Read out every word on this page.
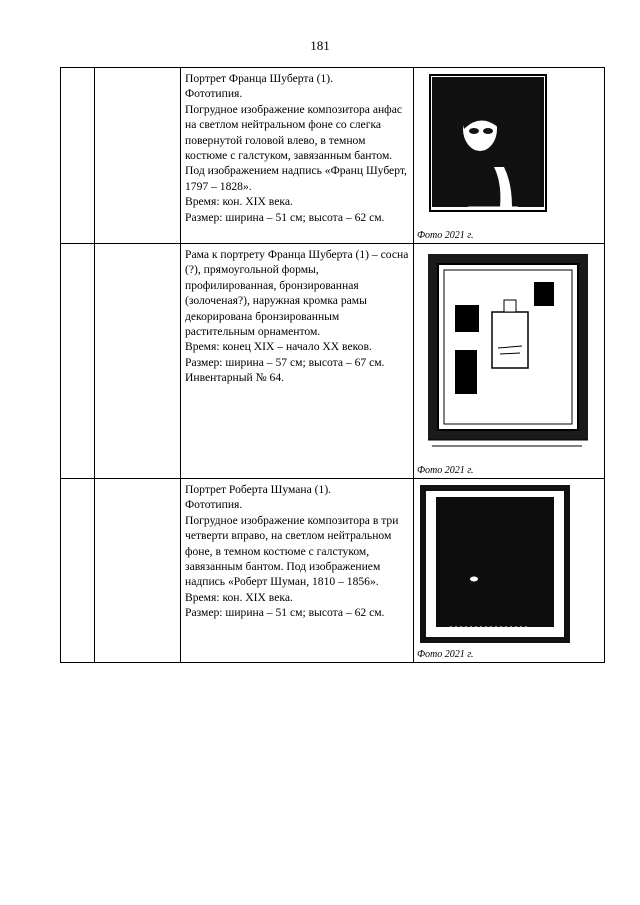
181

		Портрет Франца Шуберта (1).
Фототипия.
Погрудное изображение композитора анфас на светлом нейтральном фоне со слегка повернутой головой влево, в темном костюме с галстуком, завязанным бантом. Под изображением надпись «Франц Шуберт, 1797 – 1828».
Время: кон. XIX века.
Размер: ширина – 51 см; высота – 62 см.	Фото 2021 г.

		Рама к портрету Франца Шуберта (1) – сосна (?), прямоугольной формы, профилированная, бронзированная (золоченая?), наружная кромка рамы декорирована бронзированным растительным орнаментом.
Время: конец XIX – начало XX веков.
Размер: ширина – 57 см; высота – 67 см.
Инвентарный № 64.	Фото 2021 г.

		Портрет Роберта Шумана (1).
Фототипия.
Погрудное изображение композитора в три четверти вправо, на светлом нейтральном фоне, в темном костюме с галстуком, завязанным бантом. Под изображением надпись «Роберт Шуман, 1810 – 1856».
Время: кон. XIX века.
Размер: ширина – 51 см; высота – 62 см.	Фото 2021 г.
